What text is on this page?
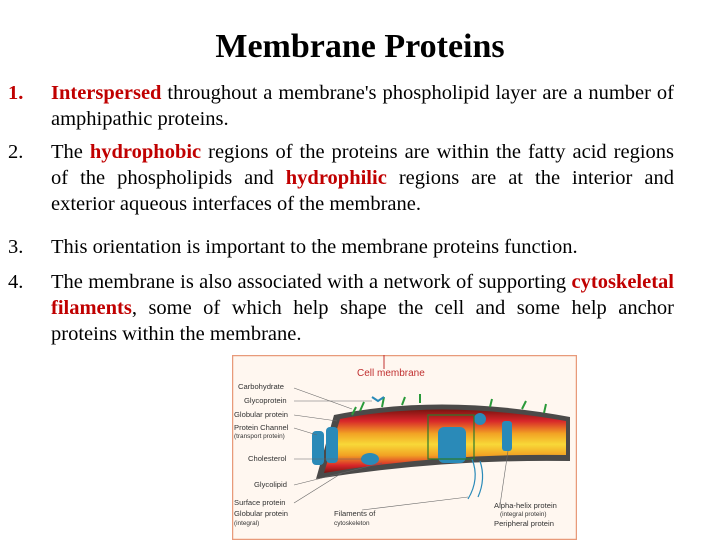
Membrane Proteins
1.	Interspersed throughout a membrane's phospholipid layer are a number of amphipathic proteins.
2.	The hydrophobic regions of the proteins are within the fatty acid regions of the phospholipids and hydrophilic regions are at the interior and exterior aqueous interfaces of the membrane.
3.	This orientation is important to the membrane proteins function.
4.	The membrane is also associated with a network of supporting cytoskeletal filaments, some of which help shape the cell and some help anchor proteins within the membrane.
Cell membrane
Carbohydrate
Glycoprotein
Globular protein
Protein Channel
(transport protein)
Cholesterol
Glycolipid
Surface protein
Globular protein
(integral)
Filaments of
cytoskeleton
Alpha-helix protein
(integral protein)
Peripheral protein
